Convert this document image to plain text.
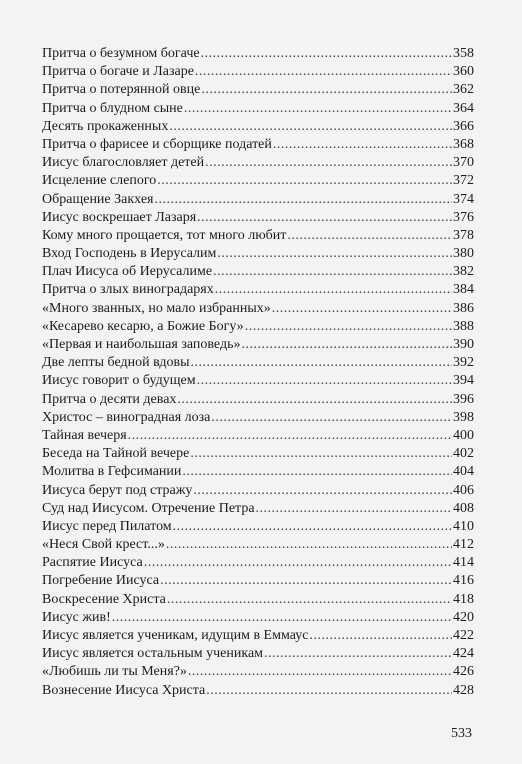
Притча о безумном богаче .....	358
Притча о богаче и Лазаре .....	360
Притча о потерянной овце .....	362
Притча о блудном сыне .....	364
Десять прокаженных .....	366
Притча о фарисее и сборщике податей .....	368
Иисус благословляет детей .....	370
Исцеление слепого .....	372
Обращение Закхея .....	374
Иисус воскрешает Лазаря .....	376
Кому много прощается, тот много любит .....	378
Вход Господень в Иерусалим .....	380
Плач Иисуса об Иерусалиме .....	382
Притча о злых виноградарях .....	384
«Много званных, но мало избранных» .....	386
«Кесарево кесарю, а Божие Богу» .....	388
«Первая и наибольшая заповедь» .....	390
Две лепты бедной вдовы .....	392
Иисус говорит о будущем .....	394
Притча о десяти девах .....	396
Христос – виноградная лоза .....	398
Тайная вечеря .....	400
Беседа на Тайной вечере .....	402
Молитва в Гефсимании .....	404
Иисуса берут под стражу .....	406
Суд над Иисусом. Отречение Петра .....	408
Иисус перед Пилатом .....	410
«Неся Свой крест...» .....	412
Распятие Иисуса .....	414
Погребение Иисуса .....	416
Воскресение Христа .....	418
Иисус жив! .....	420
Иисус является ученикам, идущим в Еммаус .....	422
Иисус является остальным ученикам .....	424
«Любишь ли ты Меня?» .....	426
Вознесение Иисуса Христа .....	428
533
